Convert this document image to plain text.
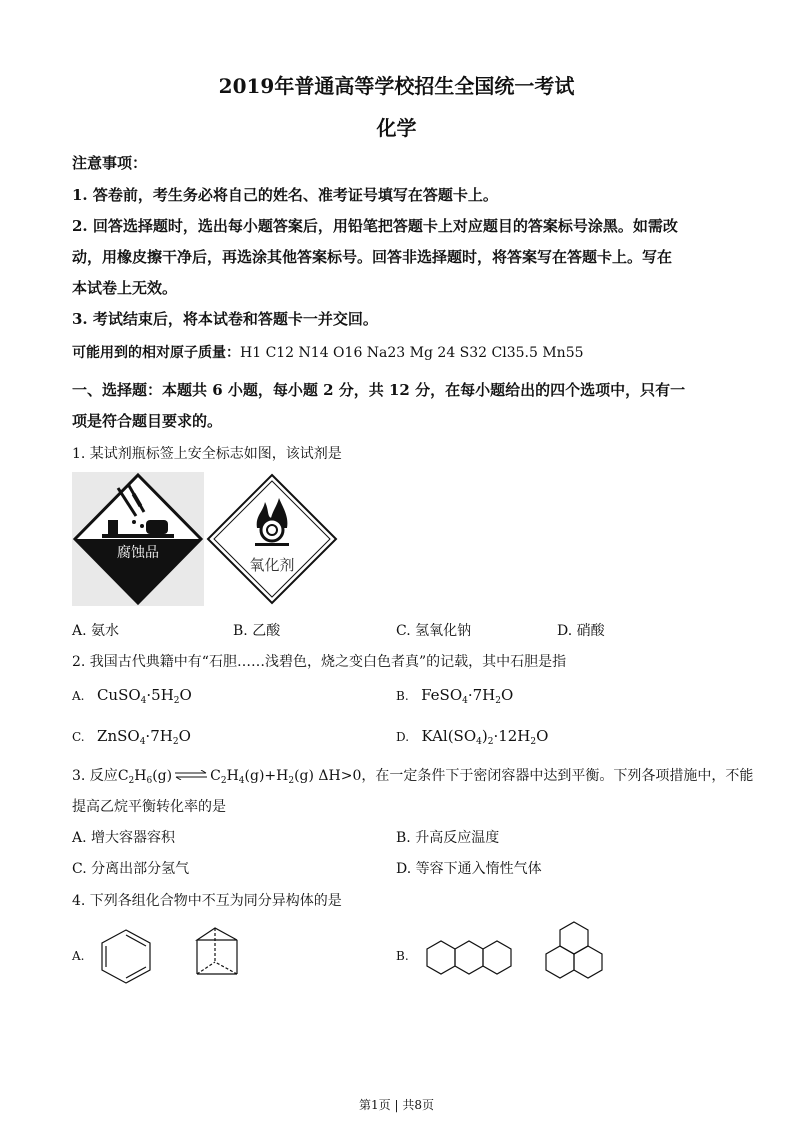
2019年普通高等学校招生全国统一考试
化学
注意事项：
1. 答卷前，考生务必将自己的姓名、准考证号填写在答题卡上。
2. 回答选择题时，选出每小题答案后，用铅笔把答题卡上对应题目的答案标号涂黑。如需改
动，用橡皮擦干净后，再选涂其他答案标号。回答非选择题时，将答案写在答题卡上。写在
本试卷上无效。
3. 考试结束后，将本试卷和答题卡一并交回。
可能用到的相对原子质量：H1 C12 N14 O16 Na23 Mg 24 S32 Cl35.5 Mn55
一、选择题：本题共 6 小题，每小题 2 分，共 12 分，在每小题给出的四个选项中，只有一
项是符合题目要求的。
1. 某试剂瓶标签上安全标志如图，该试剂是
腐蚀品
氧化剂
A. 氨水	B. 乙酸	C. 氢氧化钠	D. 硝酸
2. 我国古代典籍中有“石胆……浅碧色，烧之变白色者真”的记载，其中石胆是指
A. $CuSO_4\cdot 5H_2O$	B. $FeSO_4\cdot 7H_2O$
C. $ZnSO_4\cdot 7H_2O$	D. $KAl(SO_4)_2\cdot 12H_2O$
3. 反应$C_2H_6(g)$ ⇌ $C_2H_4(g)+H_2(g)$ ΔH>0，在一定条件下于密闭容器中达到平衡。下列各项措施中，不能
提高乙烷平衡转化率的是
A. 增大容器容积	B. 升高反应温度
C. 分离出部分氢气	D. 等容下通入惰性气体
4. 下列各组化合物中不互为同分异构体的是
A.	B.
第1页 | 共8页
